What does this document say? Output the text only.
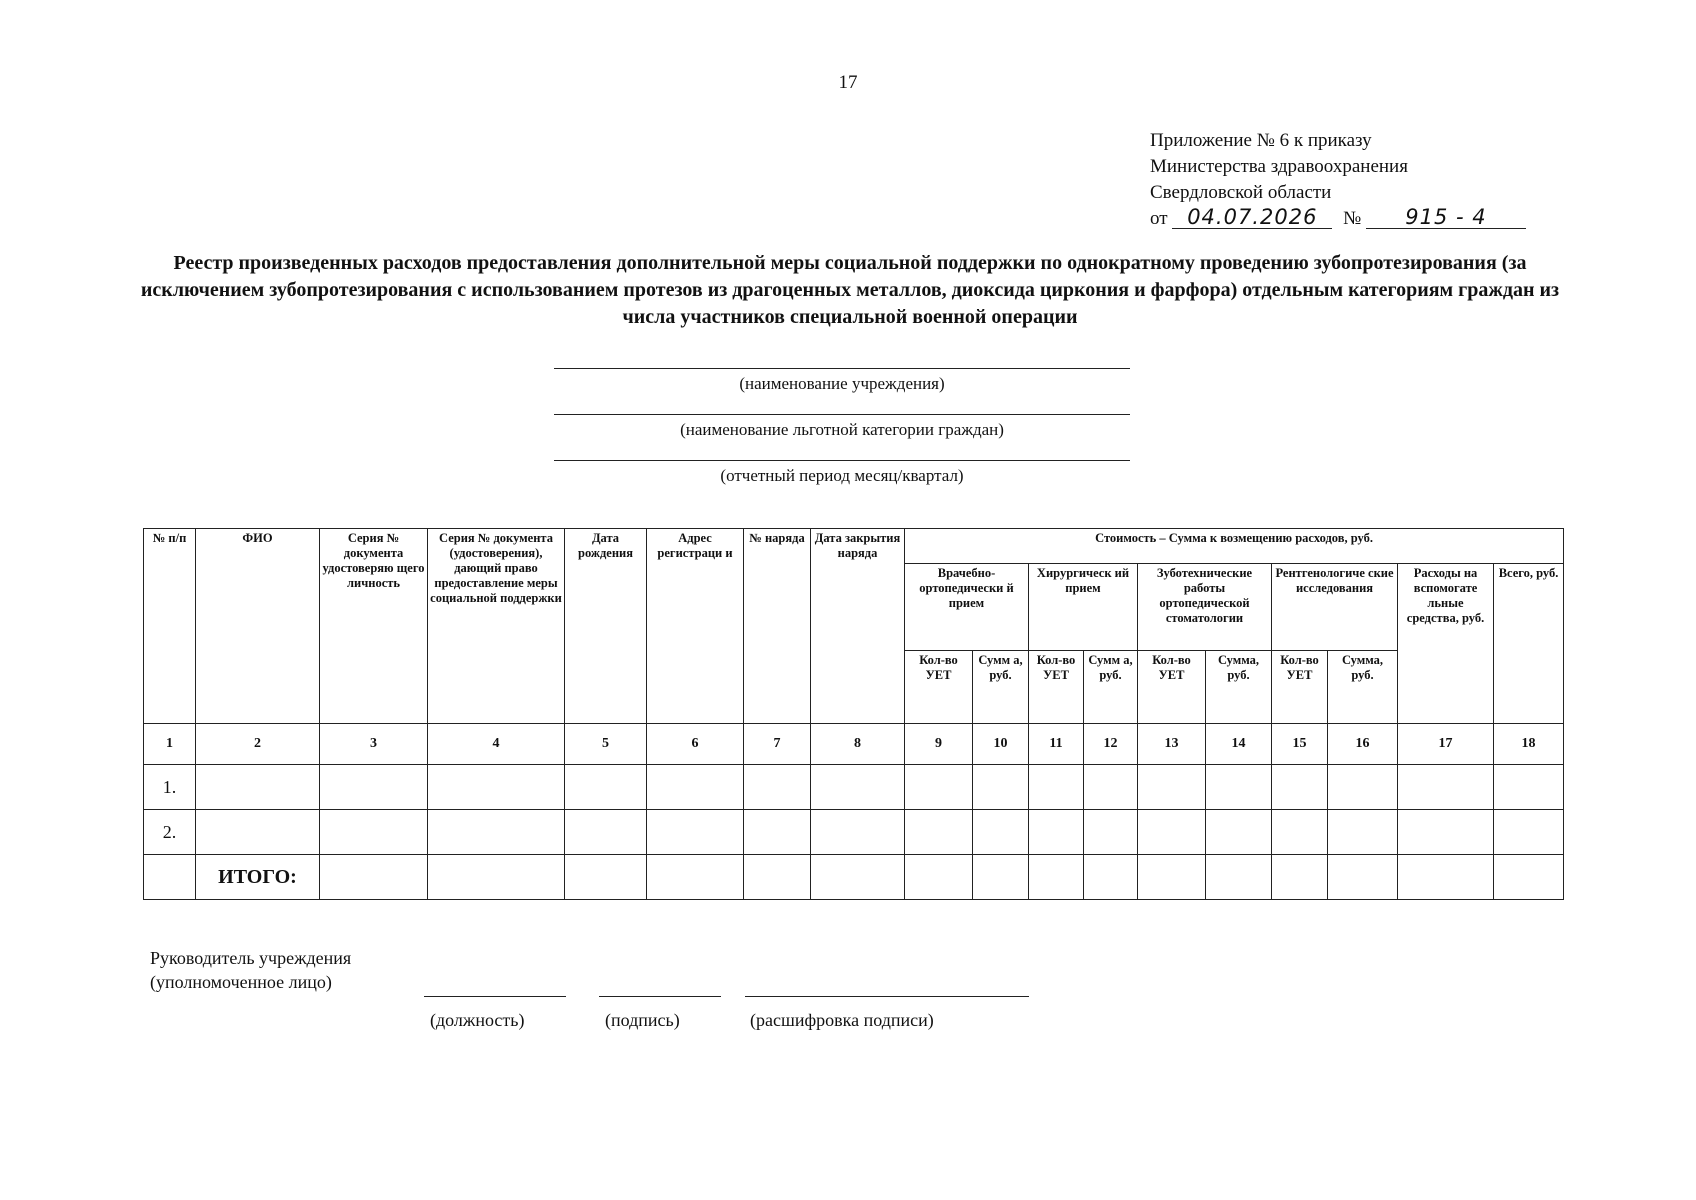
17
Приложение № 6 к приказу
Министерства здравоохранения
Свердловской области
от 04.07.2026 № 915 - 4
Реестр произведенных расходов предоставления дополнительной меры социальной поддержки по однократному проведению зубопротезирования (за исключением зубопротезирования с использованием протезов из драгоценных металлов, диоксида циркония и фарфора) отдельным категориям граждан из числа участников специальной военной операции
(наименование учреждения)
(наименование льготной категории граждан)
(отчетный период месяц/квартал)
№ п/п	ФИО	Серия № документа удостоверяю щего личность	Серия № документа (удостоверения), дающий право предоставление меры социальной поддержки	Дата рождения	Адрес регистраци и	№ наряда	Дата закрытия наряда	Стоимость – Сумма к возмещению расходов, руб.									
								Врачебно-ортопедически й прием		Хирургическ ий прием		Зуботехнические работы ортопедической стоматологии		Рентгенологиче ские исследования		Расходы на вспомогате льные средства, руб.	Всего, руб.
								Кол-во УЕТ	Сумм а, руб.	Кол-во УЕТ	Сумм а, руб.	Кол-во УЕТ	Сумма, руб.	Кол-во УЕТ	Сумма, руб.		
1	2	3	4	5	6	7	8	9	10	11	12	13	14	15	16	17	18
1.																	
2.																	
	ИТОГО:																
Руководитель учреждения
(уполномоченное лицо)
(должность)	(подпись)	(расшифровка подписи)
